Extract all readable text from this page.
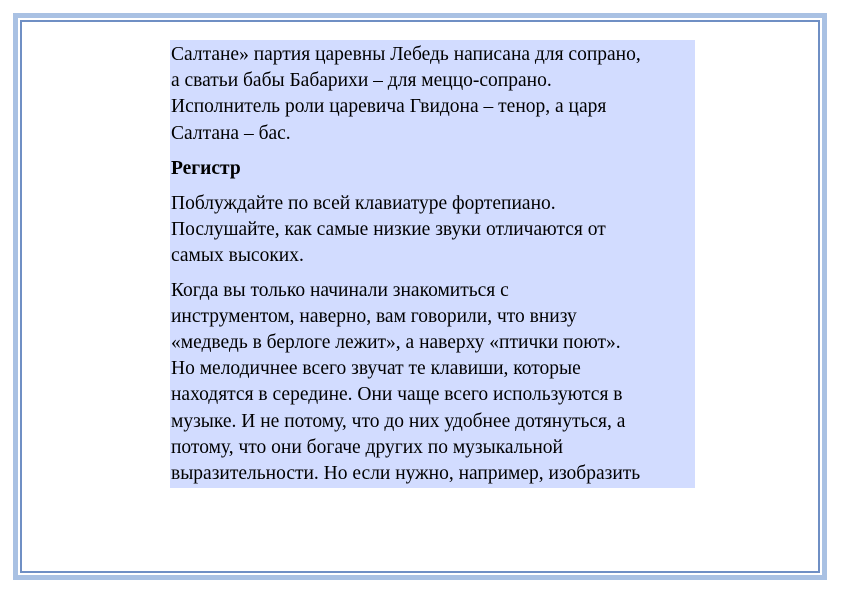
Салтане» партия царевны Лебедь написана для сопрано,
а сватьи бабы Бабарихи – для меццо-сопрано.
Исполнитель роли царевича Гвидона – тенор, а царя
Салтана – бас.

Регистр

Поблуждайте по всей клавиатуре фортепиано.
Послушайте, как самые низкие звуки отличаются от
самых высоких.

Когда вы только начинали знакомиться с
инструментом, наверно, вам говорили, что внизу
«медведь в берлоге лежит», а наверху «птички поют».
Но мелодичнее всего звучат те клавиши, которые
находятся в середине. Они чаще всего используются в
музыке. И не потому, что до них удобнее дотянуться, а
потому, что они богаче других по музыкальной
выразительности. Но если нужно, например, изобразить
